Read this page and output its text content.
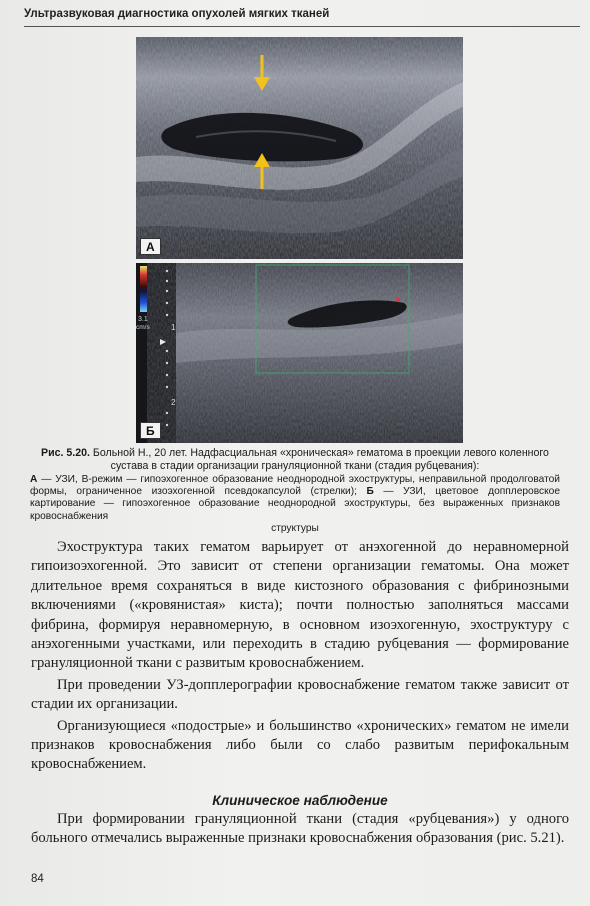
Ультразвуковая диагностика опухолей мягких тканей
А
3.1
cm/s	1
2
Б
Рис. 5.20. Больной Н., 20 лет. Надфасциальная «хроническая» гематома в проекции левого коленного сустава в стадии организации грануляционной ткани (стадия рубцевания):
А — УЗИ, В-режим — гипоэхогенное образование неоднородной эхоструктуры, неправильной продолговатой формы, ограниченное изоэхогенной псевдокапсулой (стрелки); Б — УЗИ, цветовое допплеровское картирование — гипоэхогенное образование неоднородной эхоструктуры, без выраженных признаков кровоснабжения
структуры

Эхоструктура таких гематом варьирует от анэхогенной до неравномерной гипоизоэхогенной. Это зависит от степени организации гематомы. Она может длительное время сохраняться в виде кистозного образования с фибринозными включениями («кровянистая» киста); почти полностью заполняться массами фибрина, формируя неравномерную, в основном изоэхогенную, эхоструктуру с анэхогенными участками, или переходить в стадию рубцевания — формирование грануляционной ткани с развитым кровоснабжением.

При проведении УЗ-допплерографии кровоснабжение гематом также зависит от стадии их организации.

Организующиеся «подострые» и большинство «хронических» гематом не имели признаков кровоснабжения либо были со слабо развитым перифокальным кровоснабжением.

Клиническое наблюдение

При формировании грануляционной ткани (стадия «рубцевания») у одного больного отмечались выраженные признаки кровоснабжения образования (рис. 5.21).

84
